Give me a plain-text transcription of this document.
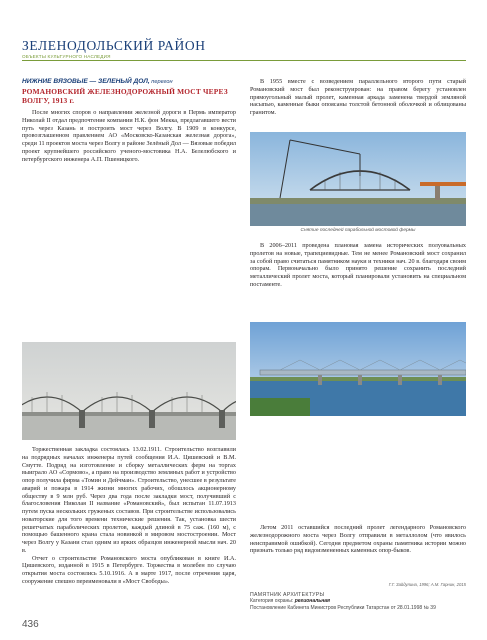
ЗЕЛЕНОДОЛЬСКИЙ РАЙОН
ОБЪЕКТЫ КУЛЬТУРНОГО НАСЛЕДИЯ
НИЖНИЕ ВЯЗОВЫЕ — ЗЕЛЕНЫЙ ДОЛ, перегон
РОМАНОВСКИЙ ЖЕЛЕЗНОДОРОЖНЫЙ МОСТ ЧЕРЕЗ ВОЛГУ, 1913 г.

После многих споров о направлении железной дороги в Пермь император Николай II отдал предпочтение компании Н.К. фон Мекка, предлагавшего вести путь через Казань и построить мост через Волгу. В 1909 в конкурсе, провозглашенном правлением АО «Московско-Казанская железная дорога», среди 11 проектов моста через Волгу в районе Зелёный Дол — Вязовые победил проект крупнейшего российского ученого-мостовика Н.А. Белелюбского и петербургского инженера А.П. Пшеницкого.

Торжественная закладка состоялась 13.02.1911. Строительство возглавили на подрядных началах инженеры путей сообщения И.А. Цишевский и В.М. Смутте. Подряд на изготовление и сборку металлических ферм на торгах выиграло АО «Сормово», а право на производство земляных работ и устройство опор получила фирма «Томин и Дейчман». Строительство, унесшее в результате аварий и пожара в 1914 жизни многих рабочих, обошлось акционерному обществу в 9 млн руб. Через два года после закладки мост, получивший с благословения Николая II название «Романовский», был испытан 11.07.1913 путем пуска нескольких груженых составов. При строительстве использовались новаторские для того времени технические решения. Так, установка шести решетчатых параболических пролетов, каждый длиной в 75 саж. (160 м), с помощью башенного крана стала новинкой в мировом мостостроении. Мост через Волгу у Казани стал одним из ярких образцов инженерной мысли нач. 20 в.

Отчет о строительстве Романовского моста опубликован в книге И.А. Цишевского, изданной в 1915 в Петербурге. Торжества в молебен по случаю открытия моста состоялись 5.10.1916. А в марте 1917, после отречения царя, сооружение спешно переименовали в «Мост Свободы».

В 1955 вместе с возведением параллельного второго пути старый Романовский мост был реконструирован: на правом берегу установлен прямоугольный малый пролет, каменная аркада заменена твердой земляной насыпью, каменные быки опоясаны толстой бетонной оболочкой и облицованы гранитом.

Снятие последней парабольной мостовой фермы

В 2006–2011 проведена плановая замена исторических полуовальных пролетов на новые, трапециевидные. Тем не менее Романовский мост сохранил за собой право считаться памятником науки и техники нач. 20 в. благодаря своим опорам. Первоначально было принято решение сохранить последний металлический пролет моста, который планировали установить на специальном постаменте.

Летом 2011 оставшийся последний пролет легендарного Романовского железнодорожного моста через Волгу отправили в металлолом (что явилось неисправимой ошибкой). Сегодня предметом охраны памятника истории можно признать только ряд видоизмененных каменных опор-быков.

Г.Г. Зайдулина, 1996; А.М. Гарнин, 2015
ПАМЯТНИК АРХИТЕКТУРЫ
Категория охраны: региональная
Постановление Кабинета Министров Республики Татарстан от 28.01.1998 № 39
436
